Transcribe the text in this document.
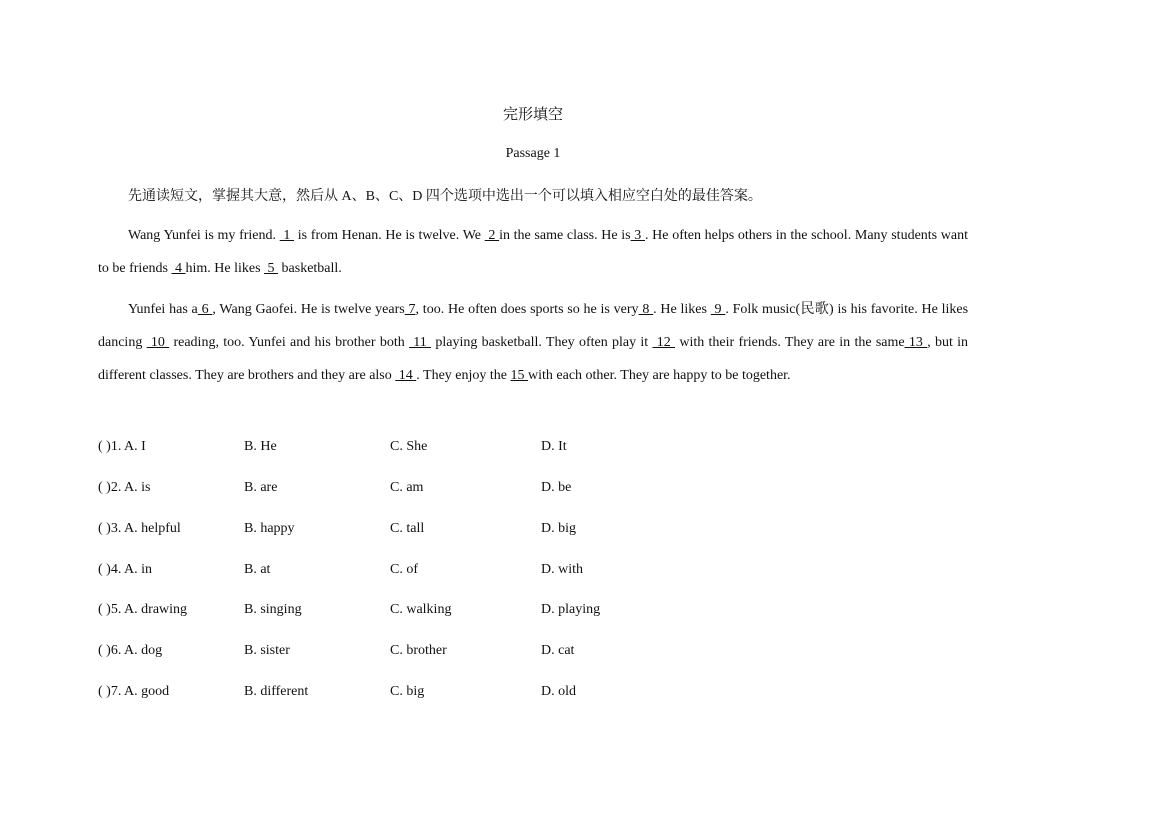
完形填空
Passage 1
先通读短文，掌握其大意，然后从 A、B、C、D 四个选项中选出一个可以填入相应空白处的最佳答案。
Wang Yunfei is my friend.  1  is from Henan. He is twelve. We  2 in the same class. He is 3 . He often helps others in the school. Many students want to be friends  4 him. He likes  5  basketball.
Yunfei has a 6 , Wang Gaofei. He is twelve years 7, too. He often does sports so he is very 8 . He likes  9 . Folk music(民歌) is his favorite. He likes dancing  10  reading, too. Yunfei and his brother both  11  playing basketball. They often play it  12  with their friends. They are in the same 13 , but in different classes. They are brothers and they are also  14 . They enjoy the 15 with each other. They are happy to be together.
( )1. A. I	B. He	C. She	D. It
( )2. A. is	B. are	C. am	D. be
( )3. A. helpful	B. happy	C. tall	D. big
( )4. A. in	B. at	C. of	D. with
( )5. A. drawing	B. singing	C. walking	D. playing
( )6. A. dog	B. sister	C. brother	D. cat
( )7. A. good	B. different	C. big	D. old
